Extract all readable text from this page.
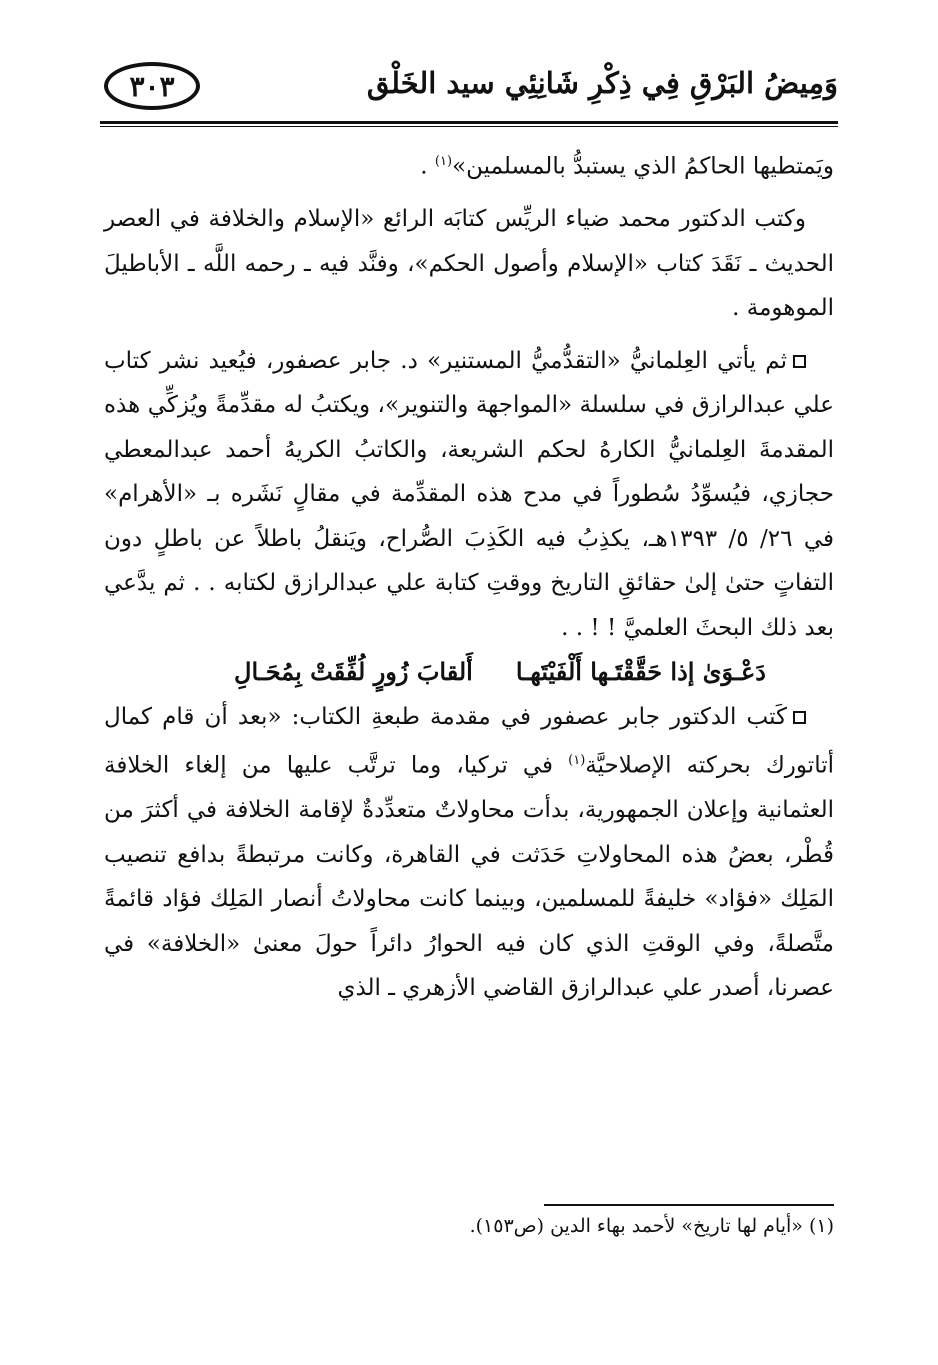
وَمِيضُ البَرْقِ فِي ذِكْرِ شَانِئِي سيد الخَلْق
٣٠٣

ويَمتطيها الحاكمُ الذي يستبدُّ بالمسلمين»$^{(١)}$ .

وكتب الدكتور محمد ضياء الريِّس كتابَه الرائع «الإسلام والخلافة في العصر الحديث ـ نَقَدَ كتاب «الإسلام وأصول الحكم»، وفنَّد فيه ـ رحمه اللَّه ـ الأباطيلَ الموهومة .

ثم يأتي العِلمانيُّ «التقدُّميُّ المستنير» د. جابر عصفور، فيُعيد نشر كتاب علي عبدالرازق في سلسلة «المواجهة والتنوير»، ويكتبُ له مقدِّمةً ويُزكِّي هذه المقدمةَ العِلمانيُّ الكارهُ لحكم الشريعة، والكاتبُ الكريهُ أحمد عبدالمعطي حجازي، فيُسوِّدُ سُطوراً في مدح هذه المقدِّمة في مقالٍ نَشَره بـ «الأهرام» في ٢٦/ ٥/ ١٣٩٣هـ، يكذِبُ فيه الكَذِبَ الصُّراح، ويَنقلُ باطلاً عن باطلٍ دون التفاتٍ حتىٰ إلىٰ حقائقِ التاريخ ووقتِ كتابة علي عبدالرازق لكتابه . . ثم يدَّعي بعد ذلك البحثَ العلميَّ ! ! . .

دَعْـوَىٰ إذا حَقَّقْتَـها أَلْفَيْتَهـا
أَلقابَ زُورٍ لُفِّقَتْ بِمُحَـالِ

كَتب الدكتور جابر عصفور في مقدمة طبعةِ الكتاب: «بعد أن قام كمال أتاتورك بحركته الإصلاحيَّة$^{(١)}$ في تركيا، وما ترتَّب عليها من إلغاء الخلافة العثمانية وإعلان الجمهورية، بدأت محاولاتٌ متعدِّدةٌ لإقامة الخلافة في أكثرَ من قُطْر، بعضُ هذه المحاولاتِ حَدَثت في القاهرة، وكانت مرتبطةً بدافع تنصيب المَلِك «فؤاد» خليفةً للمسلمين، وبينما كانت محاولاتُ أنصار المَلِك فؤاد قائمةً متَّصلةً، وفي الوقتِ الذي كان فيه الحوارُ دائراً حولَ معنىٰ «الخلافة» في عصرنا، أصدر علي عبدالرازق القاضي الأزهري ـ الذي

(١) «أيام لها تاريخ» لأحمد بهاء الدين (ص١٥٣).
